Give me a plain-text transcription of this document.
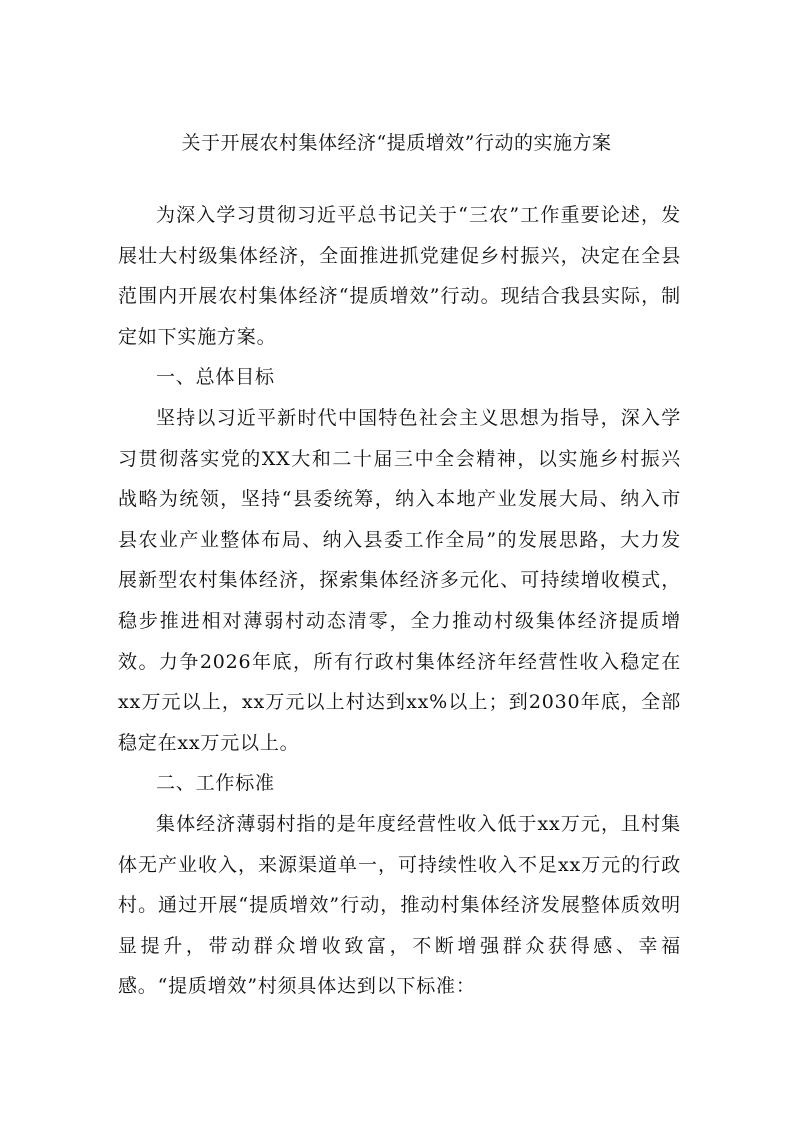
关于开展农村集体经济“提质增效”行动的实施方案

为深入学习贯彻习近平总书记关于“三农”工作重要论述，发展壮大村级集体经济，全面推进抓党建促乡村振兴，决定在全县范围内开展农村集体经济“提质增效”行动。现结合我县实际，制定如下实施方案。

一、总体目标

坚持以习近平新时代中国特色社会主义思想为指导，深入学习贯彻落实党的XX大和二十届三中全会精神，以实施乡村振兴战略为统领，坚持“县委统筹，纳入本地产业发展大局、纳入市县农业产业整体布局、纳入县委工作全局”的发展思路，大力发展新型农村集体经济，探索集体经济多元化、可持续增收模式，稳步推进相对薄弱村动态清零，全力推动村级集体经济提质增效。力争2026年底，所有行政村集体经济年经营性收入稳定在xx万元以上，xx万元以上村达到xx%以上；到2030年底，全部稳定在xx万元以上。

二、工作标准

集体经济薄弱村指的是年度经营性收入低于xx万元，且村集体无产业收入，来源渠道单一，可持续性收入不足xx万元的行政村。通过开展“提质增效”行动，推动村集体经济发展整体质效明显提升，带动群众增收致富，不断增强群众获得感、幸福感。“提质增效”村须具体达到以下标准：
